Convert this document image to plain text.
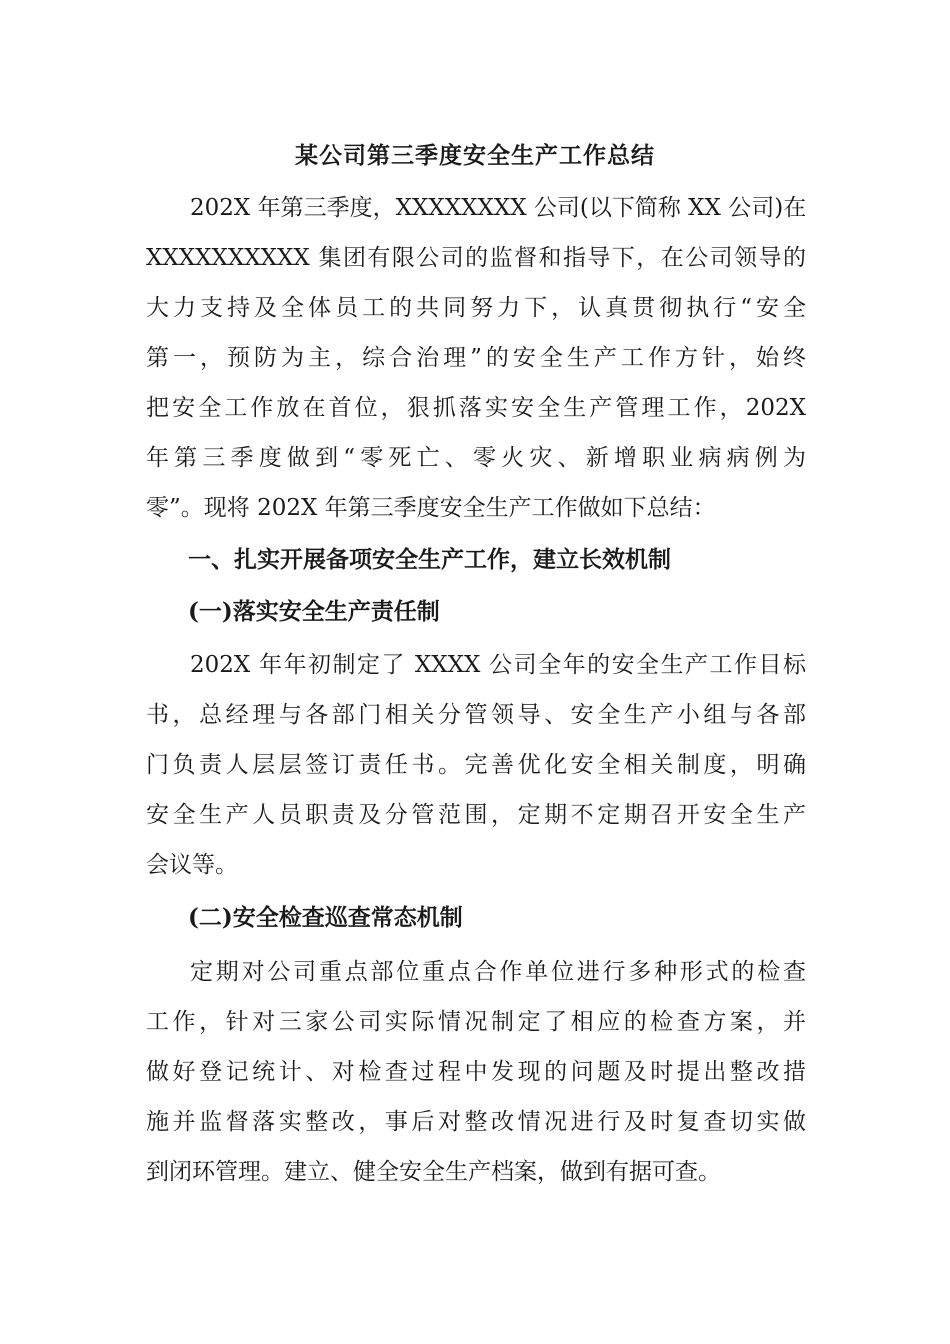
某公司第三季度安全生产工作总结
202X 年第三季度，XXXXXXXX 公司(以下简称 XX 公司)在
XXXXXXXXXX 集团有限公司的监督和指导下，在公司领导的
大力支持及全体员工的共同努力下，认真贯彻执行“安全
第一，预防为主，综合治理”的安全生产工作方针，始终
把安全工作放在首位，狠抓落实安全生产管理工作，202X
年第三季度做到“零死亡、零火灾、新增职业病病例为
零”。现将 202X 年第三季度安全生产工作做如下总结：
一、扎实开展备项安全生产工作，建立长效机制
(一)落实安全生产责任制
202X 年年初制定了 XXXX 公司全年的安全生产工作目标
书，总经理与各部门相关分管领导、安全生产小组与各部
门负责人层层签订责任书。完善优化安全相关制度，明确
安全生产人员职责及分管范围，定期不定期召开安全生产
会议等。
(二)安全检查巡查常态机制
定期对公司重点部位重点合作单位进行多种形式的检查
工作，针对三家公司实际情况制定了相应的检查方案，并
做好登记统计、对检查过程中发现的问题及时提出整改措
施并监督落实整改，事后对整改情况进行及时复查切实做
到闭环管理。建立、健全安全生产档案，做到有据可查。
